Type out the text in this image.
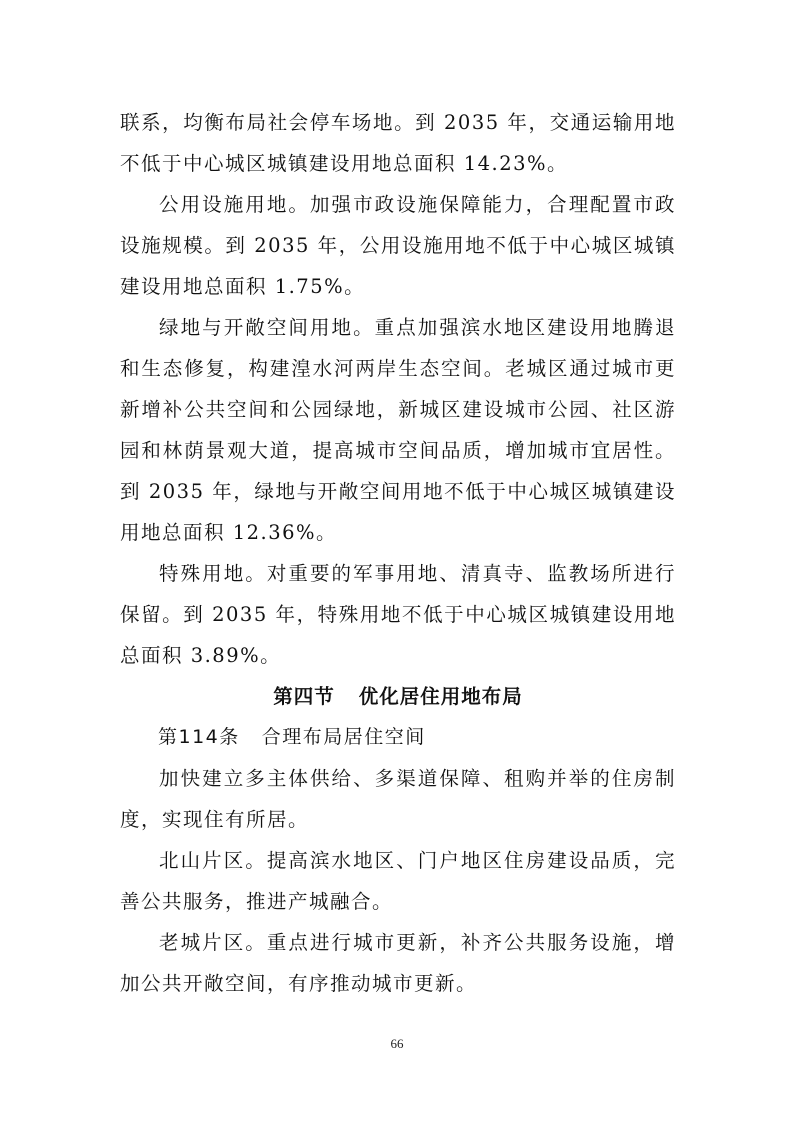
联系，均衡布局社会停车场地。到 2035 年，交通运输用地不低于中心城区城镇建设用地总面积 14.23%。

公用设施用地。加强市政设施保障能力，合理配置市政设施规模。到 2035 年，公用设施用地不低于中心城区城镇建设用地总面积 1.75%。

绿地与开敞空间用地。重点加强滨水地区建设用地腾退和生态修复，构建湟水河两岸生态空间。老城区通过城市更新增补公共空间和公园绿地，新城区建设城市公园、社区游园和林荫景观大道，提高城市空间品质，增加城市宜居性。到 2035 年，绿地与开敞空间用地不低于中心城区城镇建设用地总面积 12.36%。

特殊用地。对重要的军事用地、清真寺、监教场所进行保留。到 2035 年，特殊用地不低于中心城区城镇建设用地总面积 3.89%。

第四节 优化居住用地布局

第114条 合理布局居住空间

加快建立多主体供给、多渠道保障、租购并举的住房制度，实现住有所居。

北山片区。提高滨水地区、门户地区住房建设品质，完善公共服务，推进产城融合。

老城片区。重点进行城市更新，补齐公共服务设施，增加公共开敞空间，有序推动城市更新。

66
